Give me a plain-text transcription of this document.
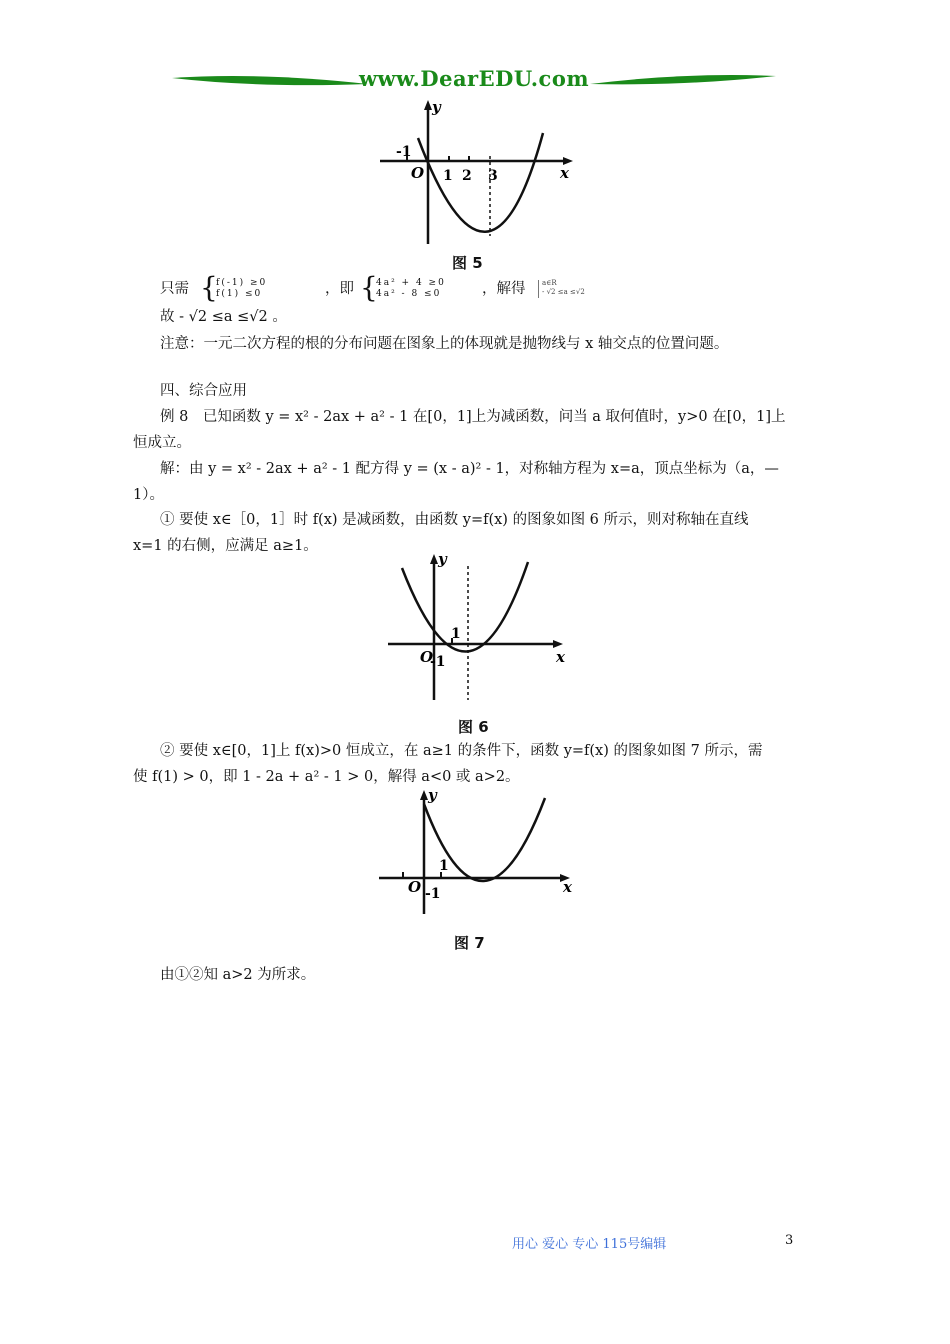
www.DearEDU.com
y
x
O
-1
1 2 3
图 5
只需 {
f(-1) ≥0
f(1) ≤0	，即 {
4a² + 4 ≥0
4a² - 8 ≤0	，解得 a∈R
- √2 ≤a ≤√2
故 - √2 ≤a ≤√2 。
注意：一元二次方程的根的分布问题在图象上的体现就是抛物线与 x 轴交点的位置问题。
四、综合应用
例 8　已知函数 y = x² - 2ax + a² - 1 在[0，1]上为减函数，问当 a 取何值时，y>0 在[0，1]上
恒成立。
解：由 y = x² - 2ax + a² - 1 配方得 y = (x - a)² - 1，对称轴方程为 x=a，顶点坐标为（a，—
1）。
① 要使 x∈［0，1］时 f(x) 是减函数，由函数 y=f(x) 的图象如图 6 所示，则对称轴在直线
x=1 的右侧，应满足 a≥1。
y
x
O
1
-1
图 6
② 要使 x∈[0，1]上 f(x)>0 恒成立，在 a≥1 的条件下，函数 y=f(x) 的图象如图 7 所示，需
使 f(1) > 0，即 1 - 2a + a² - 1 > 0，解得 a<0 或 a>2。
y
x
O
1
-1
图 7
由①②知 a>2 为所求。
用心 爱心 专心 115号编辑	3
